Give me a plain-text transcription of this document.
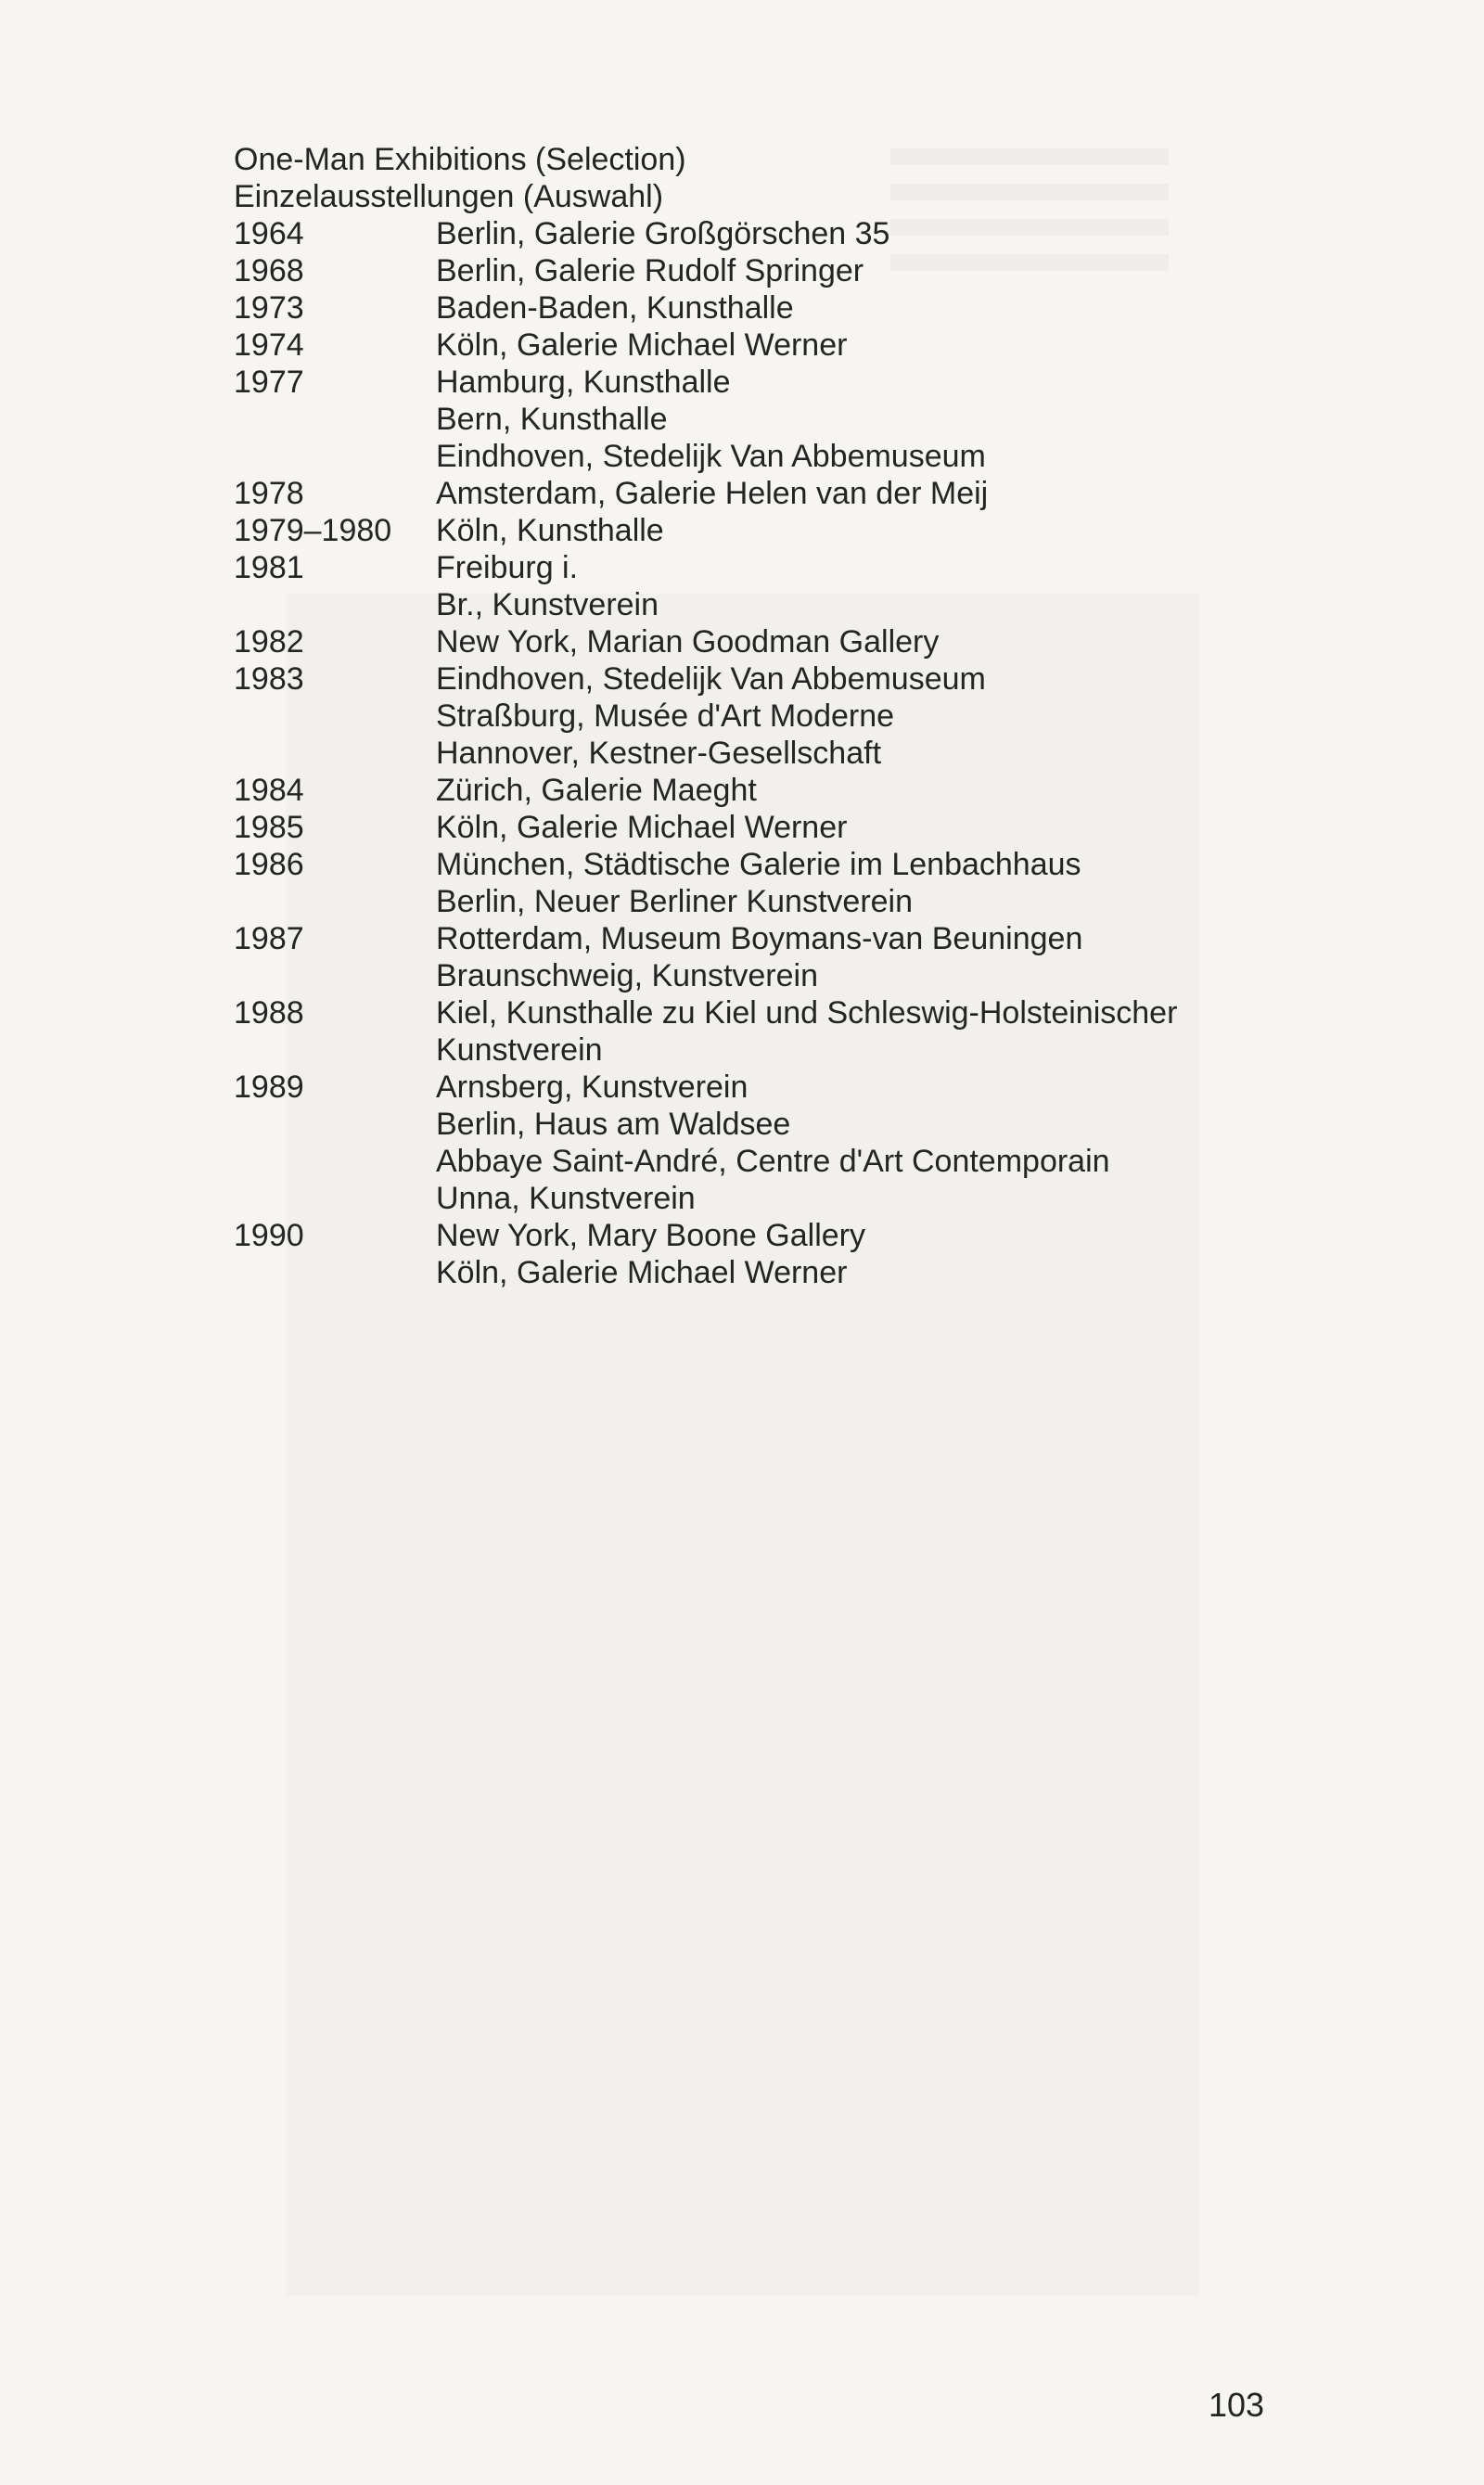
One-Man Exhibitions (Selection)
Einzelausstellungen (Auswahl)
1964	Berlin, Galerie Großgörschen 35
1968	Berlin, Galerie Rudolf Springer
1973	Baden-Baden, Kunsthalle
1974	Köln, Galerie Michael Werner
1977	Hamburg, Kunsthalle
Bern, Kunsthalle
Eindhoven, Stedelijk Van Abbemuseum
1978	Amsterdam, Galerie Helen van der Meij
1979–1980	Köln, Kunsthalle
1981	Freiburg i.
Br., Kunstverein
1982	New York, Marian Goodman Gallery
1983	Eindhoven, Stedelijk Van Abbemuseum
Straßburg, Musée d'Art Moderne
Hannover, Kestner-Gesellschaft
1984	Zürich, Galerie Maeght
1985	Köln, Galerie Michael Werner
1986	München, Städtische Galerie im Lenbachhaus
Berlin, Neuer Berliner Kunstverein
1987	Rotterdam, Museum Boymans-van Beuningen
Braunschweig, Kunstverein
1988	Kiel, Kunsthalle zu Kiel und Schleswig-Holsteinischer
Kunstverein
1989	Arnsberg, Kunstverein
Berlin, Haus am Waldsee
Abbaye Saint-André, Centre d'Art Contemporain
Unna, Kunstverein
1990	New York, Mary Boone Gallery
Köln, Galerie Michael Werner
103
